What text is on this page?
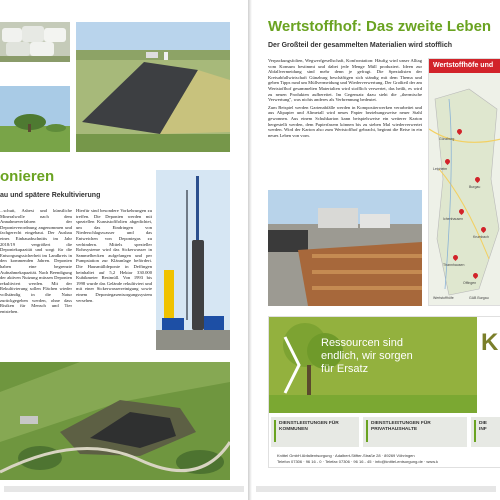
onieren
au und spätere Rekultivierung
...schutt, Asbest und künstliche Mineralwolle nach dem Annahmeverfahren der Deponieverordnung angenommen und fachgerecht eingebaut. Der Ausbau eines Einbauabschnitts im Jahr 2018/19 vergrößert die Deponiekapazität und sorgt für die Entsorgungssicherheit im Landkreis in den kommenden Jahren. Deponien haben eine begrenzte Aufnahmekapazität. Nach Beendigung der aktiven Nutzung müssen Deponien rekultiviert werden. Mit der Rekultivierung sollen Flächen wieder vollständig in die Natur zurückgegeben werden, ohne dass Risiken für Mensch und Tier entstehen.
Hierfür sind besondere Vorkehrungen zu treffen. Die Deponien werden mit speziellen Kunststofffolien abgedichtet, um das Eindringen von Niederschlagswasser und das Entweichen von Deponiegas zu verhindern. Mittels spezieller Rohrsysteme wird das Sickerwasser in Sammelbecken aufgefangen und per Pumpstation zur Kläranlage befördert. Die Hausmülldeponie in Deffingen beinhaltet auf 5,2 Hektar 330.000 Kubikmeter Restmüll. Von 1993 bis 1998 wurde das Gelände rekultiviert und mit einer Sickerwasserreinigung sowie einem Deponiegasentsorgungssystem versehen.
Wertstoffhof: Das zweite Leben
Der Großteil der gesammelten Materialien wird stofflich

Verpackungsfolien, Wegwerfgesellschaft, Konfrontation: Häufig wird unser Alltag vom Konsum bestimmt und dabei jede Menge Müll produziert. Ideen zur Abfallvermeidung sind mehr denn je gefragt. Die Spezialisten der Kreisabfallwirtschaft Günzburg beschäftigen sich ständig mit dem Thema und geben Tipps rund um Müllvermeidung und Wiederverwertung. Der Großteil der am Wertstoffhof gesammelten Materialien wird stofflich verwertet, das heißt, es wird zu neuen Produkten aufbereitet. Im Gegensatz dazu steht die „thermische Verwertung", was nichts anderes als Verbrennung bedeutet.

Zum Beispiel werden Gartenabfälle werden in Kompostierwerken verarbeitet und aus Altpapier und Altmetall wird neues Papier beziehungsweise neuer Stahl gewonnen. Aus einem Schuhkarton kann beispielsweise ein weiterer Karton hergestellt werden, dem Papierfasern können bis zu sieben Mal wiederverwertet werden. Wird der Karton also zum Wertstoffhof gebracht, beginnt die Reise in ein neues Leben von vorn.

Wertstoffhöfe und
Günzburg
Burgau
Ichenhausen
Krumbach
Thannhausen
Leipheim
Offingen
Wertstoffhöfe	GAB Burgau
Ressourcen sind
endlich, wir sorgen
für Ersatz
K
DIENSTLEISTUNGEN FÜR
KOMMUNEN
DIENSTLEISTUNGEN FÜR
PRIVATHAUSHALTE
DIE
INF
Knittel GmbH Abfallentsorgung · Adalbert-Stifter-Straße 28 · 89269 Vöhringen
Telefon 07306 · 96 16 - 0 · Telefax 07306 · 96 16 - 45 · info@knittel-entsorgung.de · www.k
